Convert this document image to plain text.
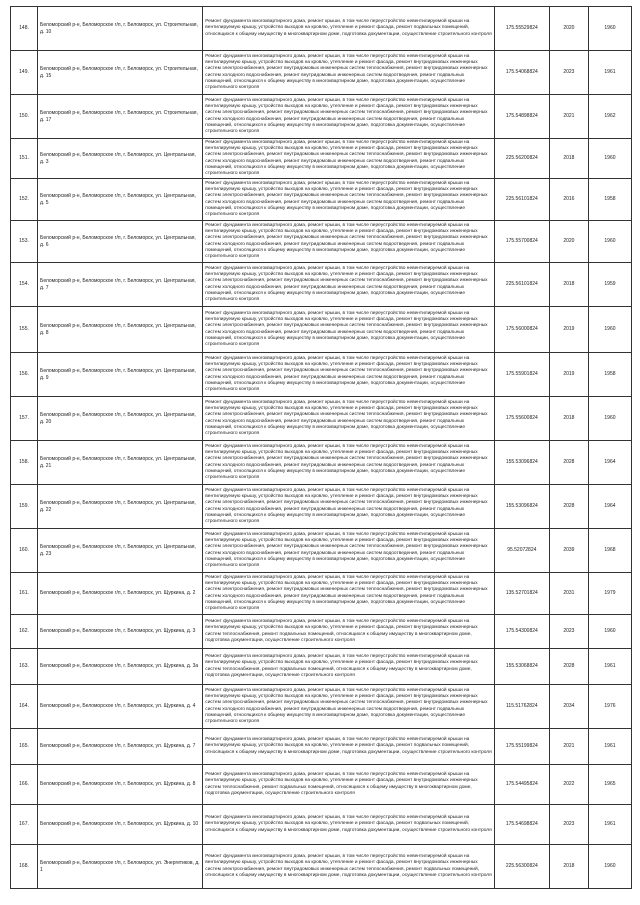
148.	Беломорский р-н, Беломорское г/п, г. Беломорск, ул. Строительная, д. 10	Ремонт фундамента многоквартирного дома, ремонт крыши, в том числе переустройство невентилируемой крыши на вентилируемую крышу, устройство выходов на кровлю, утепление и ремонт фасада, ремонт подвальных помещений, относящихся к общему имуществу в многоквартирном доме, подготовка документации, осуществление строительного контроля	175.55529824	2020	1960
149.	Беломорский р-н, Беломорское г/п, г. Беломорск, ул. Строительная, д. 15	Ремонт фундамента многоквартирного дома, ремонт крыши, в том числе переустройство невентилируемой крыши на вентилируемую крышу, устройство выходов на кровлю, утепление и ремонт фасада, ремонт внутридомовых инженерных систем электроснабжения, ремонт внутридомовых инженерных систем теплоснабжения, ремонт внутридомовых инженерных систем холодного водоснабжения, ремонт внутридомовых инженерных систем водоотведения, ремонт подвальных помещений, относящихся к общему имуществу в многоквартирном доме, подготовка документации, осуществление строительного контроля	175.54068824	2023	1961
150.	Беломорский р-н, Беломорское г/п, г. Беломорск, ул. Строительная, д. 17	Ремонт фундамента многоквартирного дома, ремонт крыши, в том числе переустройство невентилируемой крыши на вентилируемую крышу, устройство выходов на кровлю, утепление и ремонт фасада, ремонт внутридомовых инженерных систем электроснабжения, ремонт внутридомовых инженерных систем теплоснабжения, ремонт внутридомовых инженерных систем холодного водоснабжения, ремонт внутридомовых инженерных систем водоотведения, ремонт подвальных помещений, относящихся к общему имуществу в многоквартирном доме, подготовка документации, осуществление строительного контроля	175.54898824	2021	1962
151.	Беломорский р-н, Беломорское г/п, г. Беломорск, ул. Центральная, д. 3	Ремонт фундамента многоквартирного дома, ремонт крыши, в том числе переустройство невентилируемой крыши на вентилируемую крышу, устройство выходов на кровлю, утепление и ремонт фасада, ремонт внутридомовых инженерных систем электроснабжения, ремонт внутридомовых инженерных систем теплоснабжения, ремонт внутридомовых инженерных систем холодного водоснабжения, ремонт внутридомовых инженерных систем водоотведения, ремонт подвальных помещений, относящихся к общему имуществу в многоквартирном доме, подготовка документации, осуществление строительного контроля	225.56200824	2018	1960
152.	Беломорский р-н, Беломорское г/п, г. Беломорск, ул. Центральная, д. 5	Ремонт фундамента многоквартирного дома, ремонт крыши, в том числе переустройство невентилируемой крыши на вентилируемую крышу, устройство выходов на кровлю, утепление и ремонт фасада, ремонт внутридомовых инженерных систем электроснабжения, ремонт внутридомовых инженерных систем теплоснабжения, ремонт внутридомовых инженерных систем холодного водоснабжения, ремонт внутридомовых инженерных систем водоотведения, ремонт подвальных помещений, относящихся к общему имуществу в многоквартирном доме, подготовка документации, осуществление строительного контроля	225.56101824	2016	1958
153.	Беломорский р-н, Беломорское г/п, г. Беломорск, ул. Центральная, д. 6	Ремонт фундамента многоквартирного дома, ремонт крыши, в том числе переустройство невентилируемой крыши на вентилируемую крышу, устройство выходов на кровлю, утепление и ремонт фасада, ремонт внутридомовых инженерных систем электроснабжения, ремонт внутридомовых инженерных систем теплоснабжения, ремонт внутридомовых инженерных систем холодного водоснабжения, ремонт внутридомовых инженерных систем водоотведения, ремонт подвальных помещений, относящихся к общему имуществу в многоквартирном доме, подготовка документации, осуществление строительного контроля	175.55700824	2020	1960
154.	Беломорский р-н, Беломорское г/п, г. Беломорск, ул. Центральная, д. 7	Ремонт фундамента многоквартирного дома, ремонт крыши, в том числе переустройство невентилируемой крыши на вентилируемую крышу, устройство выходов на кровлю, утепление и ремонт фасада, ремонт внутридомовых инженерных систем электроснабжения, ремонт внутридомовых инженерных систем теплоснабжения, ремонт внутридомовых инженерных систем холодного водоснабжения, ремонт внутридомовых инженерных систем водоотведения, ремонт подвальных помещений, относящихся к общему имуществу в многоквартирном доме, подготовка документации, осуществление строительного контроля	225.56101824	2018	1959
155.	Беломорский р-н, Беломорское г/п, г. Беломорск, ул. Центральная, д. 8	Ремонт фундамента многоквартирного дома, ремонт крыши, в том числе переустройство невентилируемой крыши на вентилируемую крышу, устройство выходов на кровлю, утепление и ремонт фасада, ремонт внутридомовых инженерных систем электроснабжения, ремонт внутридомовых инженерных систем теплоснабжения, ремонт внутридомовых инженерных систем холодного водоснабжения, ремонт внутридомовых инженерных систем водоотведения, ремонт подвальных помещений, относящихся к общему имуществу в многоквартирном доме, подготовка документации, осуществление строительного контроля	175.56000824	2019	1960
156.	Беломорский р-н, Беломорское г/п, г. Беломорск, ул. Центральная, д. 9	Ремонт фундамента многоквартирного дома, ремонт крыши, в том числе переустройство невентилируемой крыши на вентилируемую крышу, устройство выходов на кровлю, утепление и ремонт фасада, ремонт внутридомовых инженерных систем электроснабжения, ремонт внутридомовых инженерных систем теплоснабжения, ремонт внутридомовых инженерных систем холодного водоснабжения, ремонт внутридомовых инженерных систем водоотведения, ремонт подвальных помещений, относящихся к общему имуществу в многоквартирном доме, подготовка документации, осуществление строительного контроля	175.55901824	2019	1958
157.	Беломорский р-н, Беломорское г/п, г. Беломорск, ул. Центральная, д. 20	Ремонт фундамента многоквартирного дома, ремонт крыши, в том числе переустройство невентилируемой крыши на вентилируемую крышу, устройство выходов на кровлю, утепление и ремонт фасада, ремонт внутридомовых инженерных систем электроснабжения, ремонт внутридомовых инженерных систем теплоснабжения, ремонт внутридомовых инженерных систем холодного водоснабжения, ремонт внутридомовых инженерных систем водоотведения, ремонт подвальных помещений, относящихся к общему имуществу в многоквартирном доме, подготовка документации, осуществление строительного контроля	175.55600824	2018	1960
158.	Беломорский р-н, Беломорское г/п, г. Беломорск, ул. Центральная, д. 21	Ремонт фундамента многоквартирного дома, ремонт крыши, в том числе переустройство невентилируемой крыши на вентилируемую крышу, устройство выходов на кровлю, утепление и ремонт фасада, ремонт внутридомовых инженерных систем электроснабжения, ремонт внутридомовых инженерных систем теплоснабжения, ремонт внутридомовых инженерных систем холодного водоснабжения, ремонт внутридомовых инженерных систем водоотведения, ремонт подвальных помещений, относящихся к общему имуществу в многоквартирном доме, подготовка документации, осуществление строительного контроля	155.53096824	2028	1964
159.	Беломорский р-н, Беломорское г/п, г. Беломорск, ул. Центральная, д. 22	Ремонт фундамента многоквартирного дома, ремонт крыши, в том числе переустройство невентилируемой крыши на вентилируемую крышу, устройство выходов на кровлю, утепление и ремонт фасада, ремонт внутридомовых инженерных систем электроснабжения, ремонт внутридомовых инженерных систем теплоснабжения, ремонт внутридомовых инженерных систем холодного водоснабжения, ремонт внутридомовых инженерных систем водоотведения, ремонт подвальных помещений, относящихся к общему имуществу в многоквартирном доме, подготовка документации, осуществление строительного контроля	155.53096824	2028	1964
160.	Беломорский р-н, Беломорское г/п, г. Беломорск, ул. Центральная, д. 23	Ремонт фундамента многоквартирного дома, ремонт крыши, в том числе переустройство невентилируемой крыши на вентилируемую крышу, устройство выходов на кровлю, утепление и ремонт фасада, ремонт внутридомовых инженерных систем электроснабжения, ремонт внутридомовых инженерных систем теплоснабжения, ремонт внутридомовых инженерных систем холодного водоснабжения, ремонт внутридомовых инженерных систем водоотведения, ремонт подвальных помещений, относящихся к общему имуществу в многоквартирном доме, подготовка документации, осуществление строительного контроля	95.52072824	2039	1968
161.	Беломорский р-н, Беломорское г/п, г. Беломорск, ул. Щуркина, д. 2	Ремонт фундамента многоквартирного дома, ремонт крыши, в том числе переустройство невентилируемой крыши на вентилируемую крышу, устройство выходов на кровлю, утепление и ремонт фасада, ремонт внутридомовых инженерных систем электроснабжения, ремонт внутридомовых инженерных систем теплоснабжения, ремонт внутридомовых инженерных систем холодного водоснабжения, ремонт внутридомовых инженерных систем водоотведения, ремонт подвальных помещений, относящихся к общему имуществу в многоквартирном доме, подготовка документации, осуществление строительного контроля	135.52701824	2031	1979
162.	Беломорский р-н, Беломорское г/п, г. Беломорск, ул. Щуркина, д. 3	Ремонт фундамента многоквартирного дома, ремонт крыши, в том числе переустройство невентилируемой крыши на вентилируемую крышу, устройство выходов на кровлю, утепление и ремонт фасада, ремонт внутридомовых инженерных систем теплоснабжения, ремонт подвальных помещений, относящихся к общему имуществу в многоквартирном доме, подготовка документации, осуществление строительного контроля	175.54300824	2023	1960
163.	Беломорский р-н, Беломорское г/п, г. Беломорск, ул. Щуркина, д. 3а	Ремонт фундамента многоквартирного дома, ремонт крыши, в том числе переустройство невентилируемой крыши на вентилируемую крышу, устройство выходов на кровлю, утепление и ремонт фасада, ремонт внутридомовых инженерных систем теплоснабжения, ремонт подвальных помещений, относящихся к общему имуществу в многоквартирном доме, подготовка документации, осуществление строительного контроля	155.53068824	2028	1961
164.	Беломорский р-н, Беломорское г/п, г. Беломорск, ул. Щуркина, д. 4	Ремонт фундамента многоквартирного дома, ремонт крыши, в том числе переустройство невентилируемой крыши на вентилируемую крышу, устройство выходов на кровлю, утепление и ремонт фасада, ремонт внутридомовых инженерных систем электроснабжения, ремонт внутридомовых инженерных систем теплоснабжения, ремонт внутридомовых инженерных систем холодного водоснабжения, ремонт внутридомовых инженерных систем водоотведения, ремонт подвальных помещений, относящихся к общему имуществу в многоквартирном доме, подготовка документации, осуществление строительного контроля	115.51762824	2034	1976
165.	Беломорский р-н, Беломорское г/п, г. Беломорск, ул. Щуркина, д. 7	Ремонт фундамента многоквартирного дома, ремонт крыши, в том числе переустройство невентилируемой крыши на вентилируемую крышу, устройство выходов на кровлю, утепление и ремонт фасада, ремонт подвальных помещений, относящихся к общему имуществу в многоквартирном доме, подготовка документации, осуществление строительного контроля	175.55199824	2021	1961
166.	Беломорский р-н, Беломорское г/п, г. Беломорск, ул. Щуркина, д. 8	Ремонт фундамента многоквартирного дома, ремонт крыши, в том числе переустройство невентилируемой крыши на вентилируемую крышу, устройство выходов на кровлю, утепление и ремонт фасада, ремонт внутридомовых инженерных систем теплоснабжения, ремонт подвальных помещений, относящихся к общему имуществу в многоквартирном доме, подготовка документации, осуществление строительного контроля	175.54495824	2022	1965
167.	Беломорский р-н, Беломорское г/п, г. Беломорск, ул. Щуркина, д. 10	Ремонт фундамента многоквартирного дома, ремонт крыши, в том числе переустройство невентилируемой крыши на вентилируемую крышу, устройство выходов на кровлю, утепление и ремонт фасада, ремонт подвальных помещений, относящихся к общему имуществу в многоквартирном доме, подготовка документации, осуществление строительного контроля	175.54698824	2023	1961
168.	Беломорский р-н, Беломорское г/п, г. Беломорск, ул. Энергетиков, д. 1	Ремонт фундамента многоквартирного дома, ремонт крыши, в том числе переустройство невентилируемой крыши на вентилируемую крышу, устройство выходов на кровлю, утепление и ремонт фасада, ремонт внутридомовых инженерных систем электроснабжения, ремонт внутридомовых инженерных систем теплоснабжения, ремонт подвальных помещений, относящихся к общему имуществу в многоквартирном доме, подготовка документации, осуществление строительного контроля	225.56300824	2018	1960
